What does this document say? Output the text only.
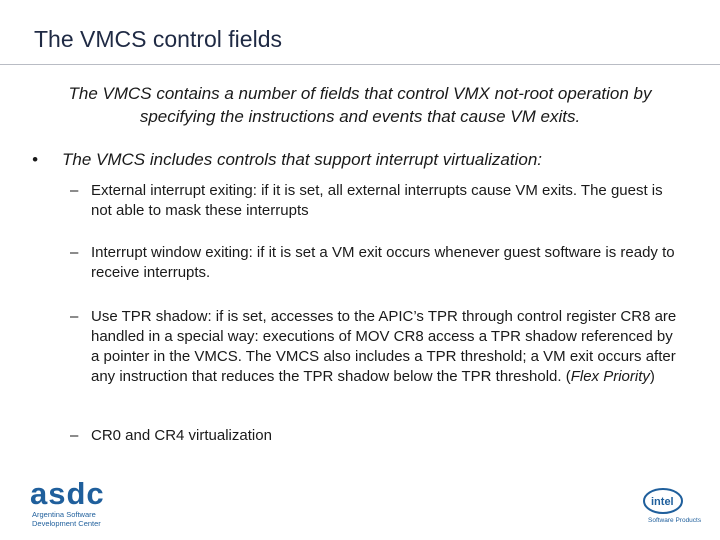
The VMCS control fields
The VMCS contains a number of fields that control VMX not-root operation by specifying the instructions and events that cause VM exits.
• The VMCS includes controls that support interrupt virtualization:
– External interrupt exiting: if it is set, all external interrupts cause VM exits. The guest is not able to mask these interrupts
– Interrupt window exiting: if it is set a VM exit occurs whenever guest software is ready to receive interrupts.
– Use TPR shadow: if is set, accesses to the APIC’s TPR through control register CR8 are handled in a special way: executions of MOV CR8 access a TPR shadow referenced by a pointer in the VMCS. The VMCS also includes a TPR threshold; a VM exit occurs after any instruction that reduces the TPR shadow below the TPR threshold. (Flex Priority)
– CR0 and CR4 virtualization
asdc
Argentina Software Development Center
intel
Software Products
